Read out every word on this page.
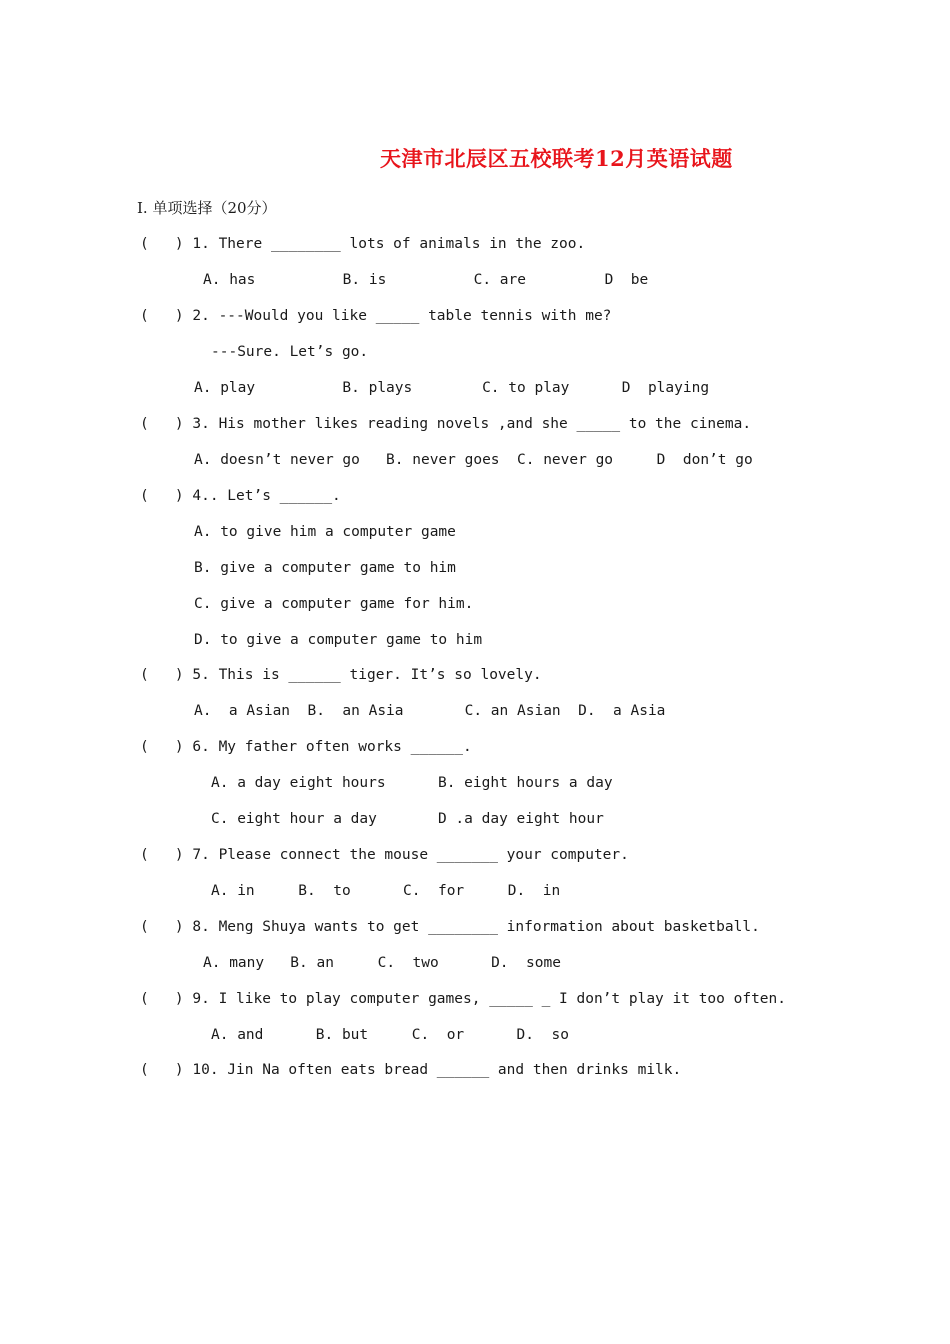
天津市北辰区五校联考12月英语试题
I. 单项选择（20分）
(   ) 1. There ________ lots of animals in the zoo.
A. has          B. is          C. are         D  be
(   ) 2. ---Would you like _____ table tennis with me?
---Sure. Let’s go.
A. play          B. plays        C. to play      D  playing
(   ) 3. His mother likes reading novels ,and she _____ to the cinema.
A. doesn’t never go   B. never goes  C. never go     D  don’t go
(   ) 4.. Let’s ______.
A. to give him a computer game
B. give a computer game to him
C. give a computer game for him.
D. to give a computer game to him
(   ) 5. This is ______ tiger. It’s so lovely.
A.  a Asian  B.  an Asia       C. an Asian  D.  a Asia
(   ) 6. My father often works ______.
A. a day eight hours      B. eight hours a day
C. eight hour a day       D .a day eight hour
(   ) 7. Please connect the mouse _______ your computer.
A. in     B.  to      C.  for     D.  in
(   ) 8. Meng Shuya wants to get ________ information about basketball.
A. many   B. an     C.  two      D.  some
(   ) 9. I like to play computer games, _____ _ I don’t play it too often.
A. and      B. but     C.  or      D.  so
(   ) 10. Jin Na often eats bread ______ and then drinks milk.
